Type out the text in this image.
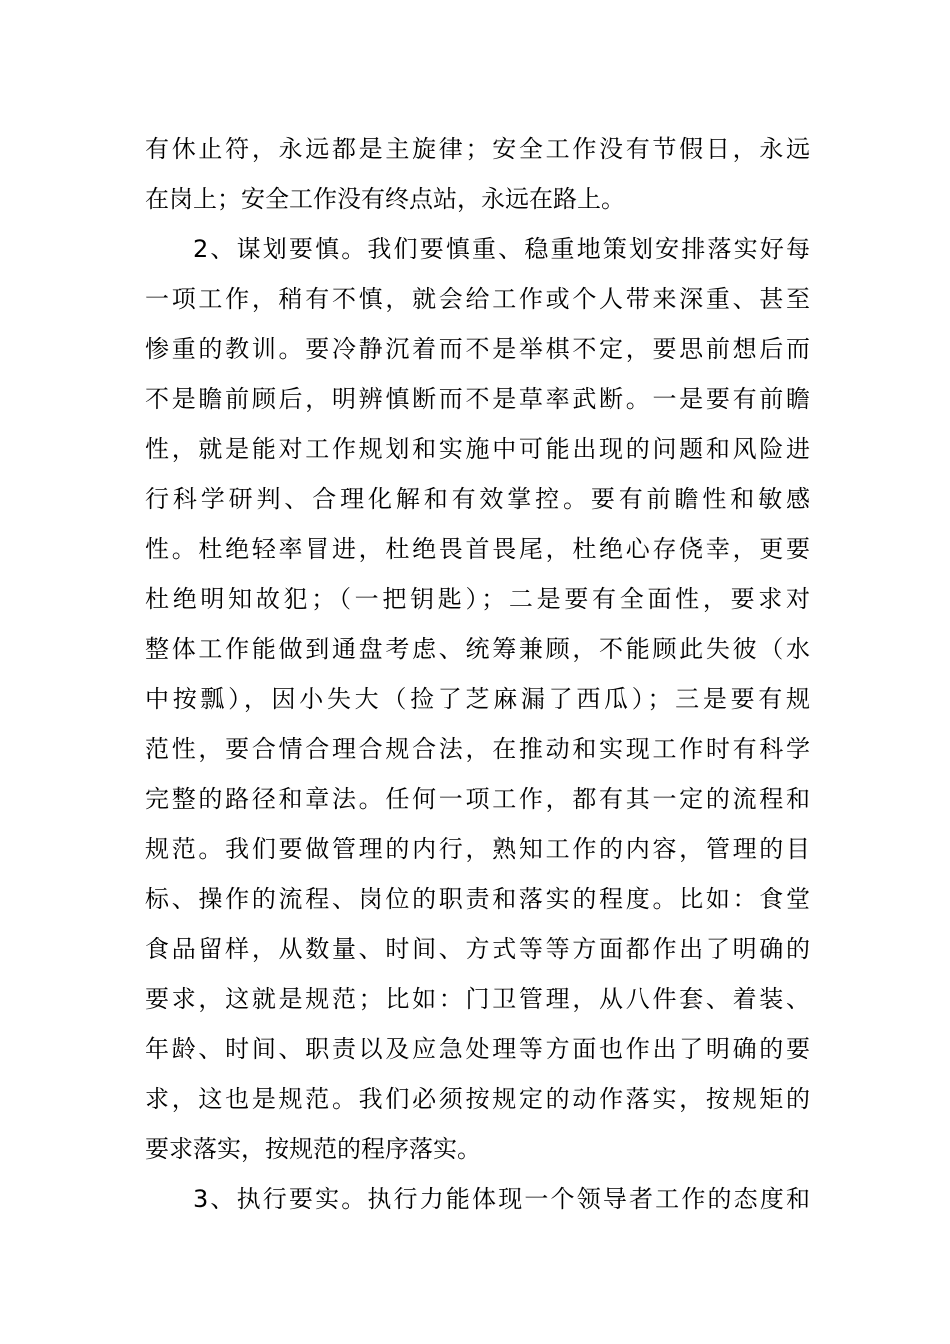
有休止符，永远都是主旋律；安全工作没有节假日，永远
在岗上；安全工作没有终点站，永远在路上。
2、谋划要慎。我们要慎重、稳重地策划安排落实好每
一项工作，稍有不慎，就会给工作或个人带来深重、甚至
惨重的教训。要冷静沉着而不是举棋不定，要思前想后而
不是瞻前顾后，明辨慎断而不是草率武断。一是要有前瞻
性，就是能对工作规划和实施中可能出现的问题和风险进
行科学研判、合理化解和有效掌控。要有前瞻性和敏感
性。杜绝轻率冒进，杜绝畏首畏尾，杜绝心存侥幸，更要
杜绝明知故犯；（一把钥匙）；二是要有全面性，要求对
整体工作能做到通盘考虑、统筹兼顾，不能顾此失彼（水
中按瓢），因小失大（捡了芝麻漏了西瓜）；三是要有规
范性，要合情合理合规合法，在推动和实现工作时有科学
完整的路径和章法。任何一项工作，都有其一定的流程和
规范。我们要做管理的内行，熟知工作的内容，管理的目
标、操作的流程、岗位的职责和落实的程度。比如：食堂
食品留样，从数量、时间、方式等等方面都作出了明确的
要求，这就是规范；比如：门卫管理，从八件套、着装、
年龄、时间、职责以及应急处理等方面也作出了明确的要
求，这也是规范。我们必须按规定的动作落实，按规矩的
要求落实，按规范的程序落实。
3、执行要实。执行力能体现一个领导者工作的态度和
